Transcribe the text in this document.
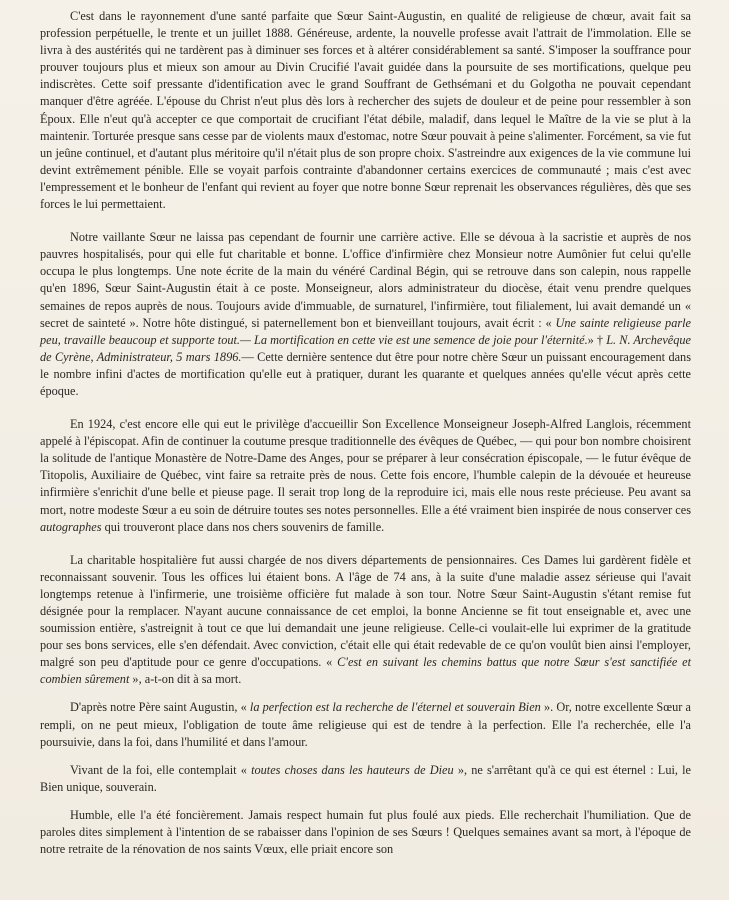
C'est dans le rayonnement d'une santé parfaite que Sœur Saint-Augustin, en qualité de religieuse de chœur, avait fait sa profession perpétuelle, le trente et un juillet 1888. Généreuse, ardente, la nouvelle professe avait l'attrait de l'immolation. Elle se livra à des austérités qui ne tardèrent pas à diminuer ses forces et à altérer considérablement sa santé. S'imposer la souffrance pour prouver toujours plus et mieux son amour au Divin Crucifié l'avait guidée dans la poursuite de ses mortifications, quelque peu indiscrètes. Cette soif pressante d'identification avec le grand Souffrant de Gethsémani et du Golgotha ne pouvait cependant manquer d'être agréée. L'épouse du Christ n'eut plus dès lors à rechercher des sujets de douleur et de peine pour ressembler à son Époux. Elle n'eut qu'à accepter ce que comportait de crucifiant l'état débile, maladif, dans lequel le Maître de la vie se plut à la maintenir. Torturée presque sans cesse par de violents maux d'estomac, notre Sœur pouvait à peine s'alimenter. Forcément, sa vie fut un jeûne continuel, et d'autant plus méritoire qu'il n'était plus de son propre choix. S'astreindre aux exigences de la vie commune lui devint extrêmement pénible. Elle se voyait parfois contrainte d'abandonner certains exercices de communauté ; mais c'est avec l'empressement et le bonheur de l'enfant qui revient au foyer que notre bonne Sœur reprenait les observances régulières, dès que ses forces le lui permettaient.

Notre vaillante Sœur ne laissa pas cependant de fournir une carrière active. Elle se dévoua à la sacristie et auprès de nos pauvres hospitalisés, pour qui elle fut charitable et bonne. L'office d'infirmière chez Monsieur notre Aumônier fut celui qu'elle occupa le plus longtemps. Une note écrite de la main du vénéré Cardinal Bégin, qui se retrouve dans son calepin, nous rappelle qu'en 1896, Sœur Saint-Augustin était à ce poste. Monseigneur, alors administrateur du diocèse, était venu prendre quelques semaines de repos auprès de nous. Toujours avide d'immuable, de surnaturel, l'infirmière, tout filialement, lui avait demandé un « secret de sainteté ». Notre hôte distingué, si paternellement bon et bienveillant toujours, avait écrit : « Une sainte religieuse parle peu, travaille beaucoup et supporte tout.— La mortification en cette vie est une semence de joie pour l'éternité.» † L. N. Archevêque de Cyrène, Administrateur, 5 mars 1896.— Cette dernière sentence dut être pour notre chère Sœur un puissant encouragement dans le nombre infini d'actes de mortification qu'elle eut à pratiquer, durant les quarante et quelques années qu'elle vécut après cette époque.

En 1924, c'est encore elle qui eut le privilège d'accueillir Son Excellence Monseigneur Joseph-Alfred Langlois, récemment appelé à l'épiscopat. Afin de continuer la coutume presque traditionnelle des évêques de Québec, — qui pour bon nombre choisirent la solitude de l'antique Monastère de Notre-Dame des Anges, pour se préparer à leur consécration épiscopale, — le futur évêque de Titopolis, Auxiliaire de Québec, vint faire sa retraite près de nous. Cette fois encore, l'humble calepin de la dévouée et heureuse infirmière s'enrichit d'une belle et pieuse page. Il serait trop long de la reproduire ici, mais elle nous reste précieuse. Peu avant sa mort, notre modeste Sœur a eu soin de détruire toutes ses notes personnelles. Elle a été vraiment bien inspirée de nous conserver ces autographes qui trouveront place dans nos chers souvenirs de famille.

La charitable hospitalière fut aussi chargée de nos divers départements de pensionnaires. Ces Dames lui gardèrent fidèle et reconnaissant souvenir. Tous les offices lui étaient bons. A l'âge de 74 ans, à la suite d'une maladie assez sérieuse qui l'avait longtemps retenue à l'infirmerie, une troisième officière fut malade à son tour. Notre Sœur Saint-Augustin s'étant remise fut désignée pour la remplacer. N'ayant aucune connaissance de cet emploi, la bonne Ancienne se fit tout enseignable et, avec une soumission entière, s'astreignit à tout ce que lui demandait une jeune religieuse. Celle-ci voulait-elle lui exprimer de la gratitude pour ses bons services, elle s'en défendait. Avec conviction, c'était elle qui était redevable de ce qu'on voulût bien ainsi l'employer, malgré son peu d'aptitude pour ce genre d'occupations. « C'est en suivant les chemins battus que notre Sœur s'est sanctifiée et combien sûrement », a-t-on dit à sa mort.

D'après notre Père saint Augustin, « la perfection est la recherche de l'éternel et souverain Bien ». Or, notre excellente Sœur a rempli, on ne peut mieux, l'obligation de toute âme religieuse qui est de tendre à la perfection. Elle l'a recherchée, elle l'a poursuivie, dans la foi, dans l'humilité et dans l'amour.

Vivant de la foi, elle contemplait « toutes choses dans les hauteurs de Dieu », ne s'arrêtant qu'à ce qui est éternel : Lui, le Bien unique, souverain.

Humble, elle l'a été foncièrement. Jamais respect humain fut plus foulé aux pieds. Elle recherchait l'humiliation. Que de paroles dites simplement à l'intention de se rabaisser dans l'opinion de ses Sœurs ! Quelques semaines avant sa mort, à l'époque de notre retraite de la rénovation de nos saints Vœux, elle priait encore son
